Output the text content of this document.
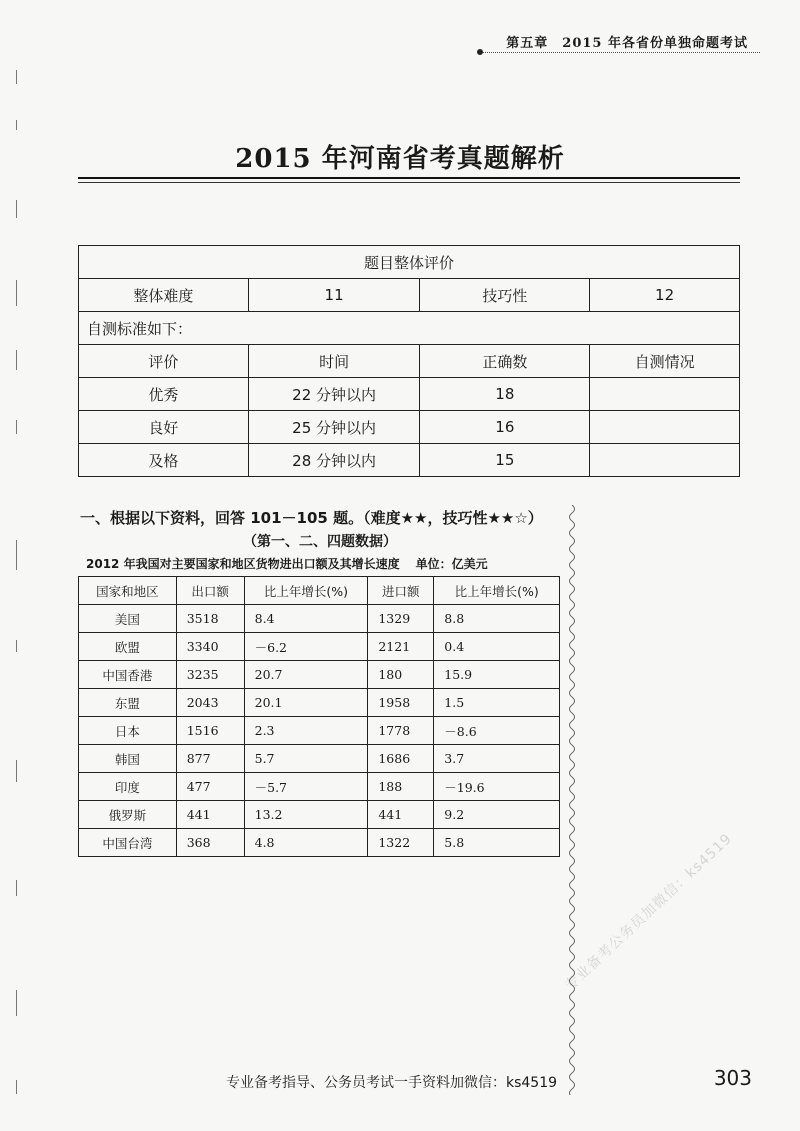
第五章　2015 年各省份单独命题考试
2015 年河南省考真题解析
题目整体评价			
整体难度	11	技巧性	12
自测标准如下：			
评价	时间	正确数	自测情况
优秀	22 分钟以内	18	
良好	25 分钟以内	16	
及格	28 分钟以内	15	
一、根据以下资料，回答 101－105 题。（难度★★，技巧性★★☆）
（第一、二、四题数据）
2012 年我国对主要国家和地区货物进出口额及其增长速度 单位：亿美元
国家和地区	出口额	比上年增长(%)	进口额	比上年增长(%)
美国	3518	8.4	1329	8.8
欧盟	3340	－6.2	2121	0.4
中国香港	3235	20.7	180	15.9
东盟	2043	20.1	1958	1.5
日本	1516	2.3	1778	－8.6
韩国	877	5.7	1686	3.7
印度	477	－5.7	188	－19.6
俄罗斯	441	13.2	441	9.2
中国台湾	368	4.8	1322	5.8	专业备考公务员加微信：ks4519
专业备考指导、公务员考试一手资料加微信：ks4519	303
